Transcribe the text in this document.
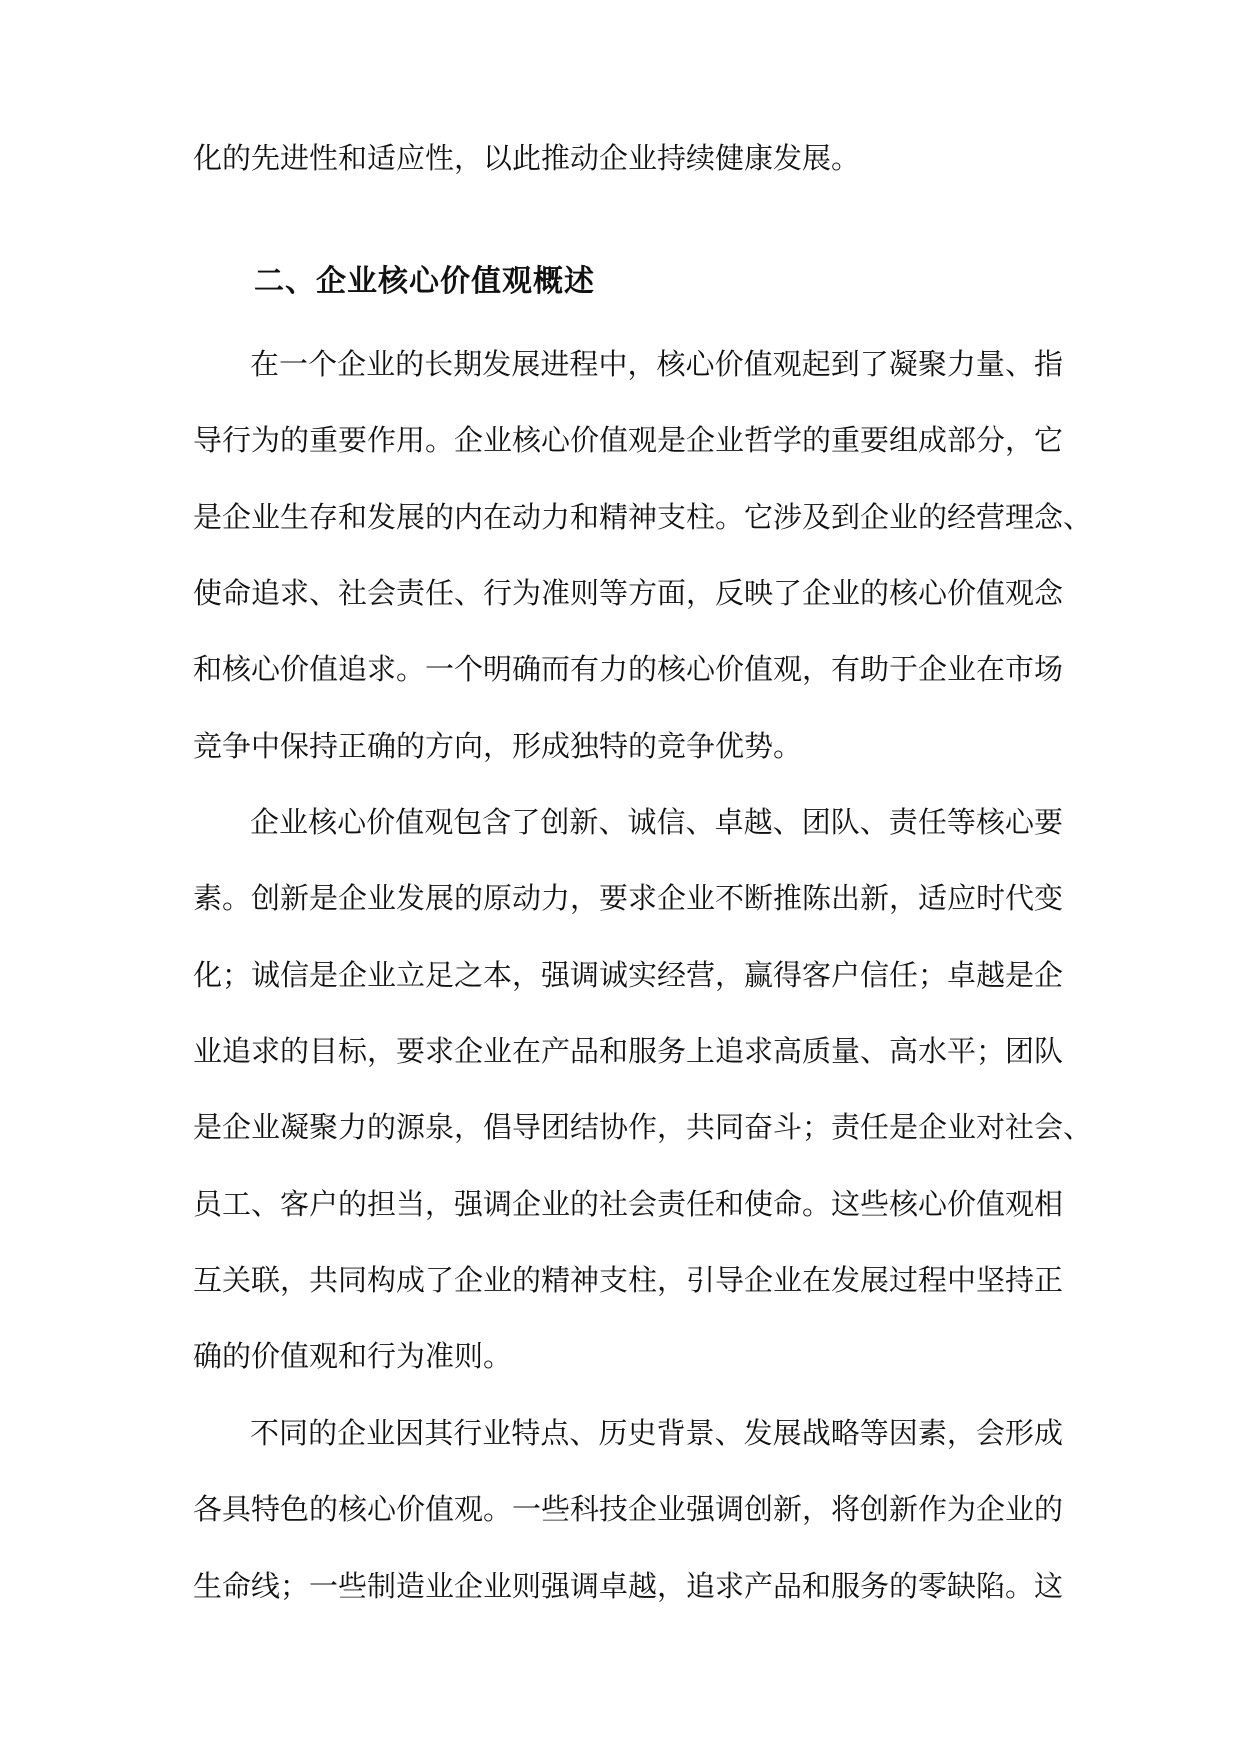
化的先进性和适应性，以此推动企业持续健康发展。
二、企业核心价值观概述
在一个企业的长期发展进程中，核心价值观起到了凝聚力量、指
导行为的重要作用。企业核心价值观是企业哲学的重要组成部分，它
是企业生存和发展的内在动力和精神支柱。它涉及到企业的经营理念、
使命追求、社会责任、行为准则等方面，反映了企业的核心价值观念
和核心价值追求。一个明确而有力的核心价值观，有助于企业在市场
竞争中保持正确的方向，形成独特的竞争优势。
企业核心价值观包含了创新、诚信、卓越、团队、责任等核心要
素。创新是企业发展的原动力，要求企业不断推陈出新，适应时代变
化；诚信是企业立足之本，强调诚实经营，赢得客户信任；卓越是企
业追求的目标，要求企业在产品和服务上追求高质量、高水平；团队
是企业凝聚力的源泉，倡导团结协作，共同奋斗；责任是企业对社会、
员工、客户的担当，强调企业的社会责任和使命。这些核心价值观相
互关联，共同构成了企业的精神支柱，引导企业在发展过程中坚持正
确的价值观和行为准则。
不同的企业因其行业特点、历史背景、发展战略等因素，会形成
各具特色的核心价值观。一些科技企业强调创新，将创新作为企业的
生命线；一些制造业企业则强调卓越，追求产品和服务的零缺陷。这
